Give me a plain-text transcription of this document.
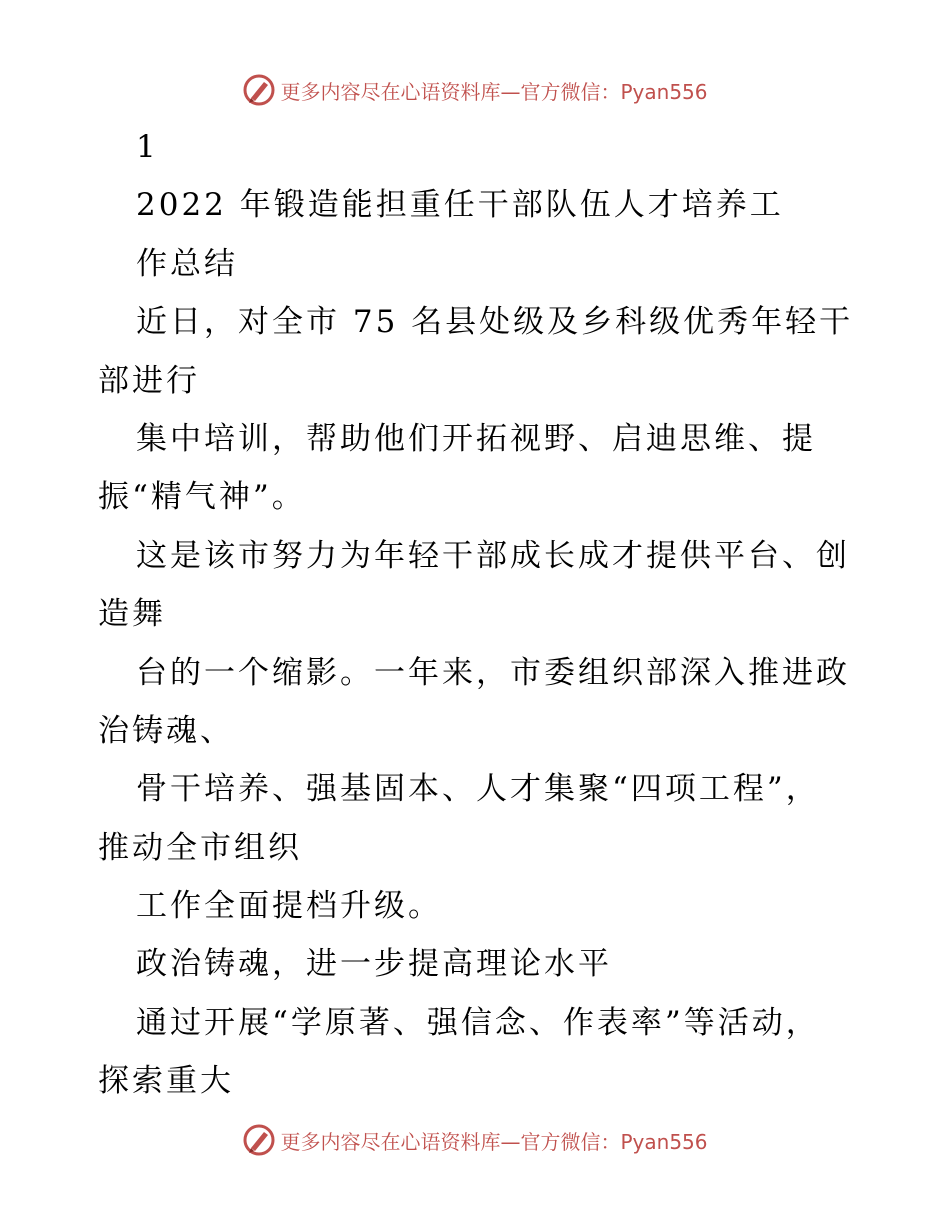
更多内容尽在心语资料库—官方微信：Pyan556
1
2022 年锻造能担重任干部队伍人才培养工
作总结
近日，对全市 75 名县处级及乡科级优秀年轻干
部进行
集中培训，帮助他们开拓视野、启迪思维、提
振“精气神”。
这是该市努力为年轻干部成长成才提供平台、创
造舞
台的一个缩影。一年来，市委组织部深入推进政
治铸魂、
骨干培养、强基固本、人才集聚“四项工程”，
推动全市组织
工作全面提档升级。
政治铸魂，进一步提高理论水平
通过开展“学原著、强信念、作表率”等活动，
探索重大
更多内容尽在心语资料库—官方微信：Pyan556
